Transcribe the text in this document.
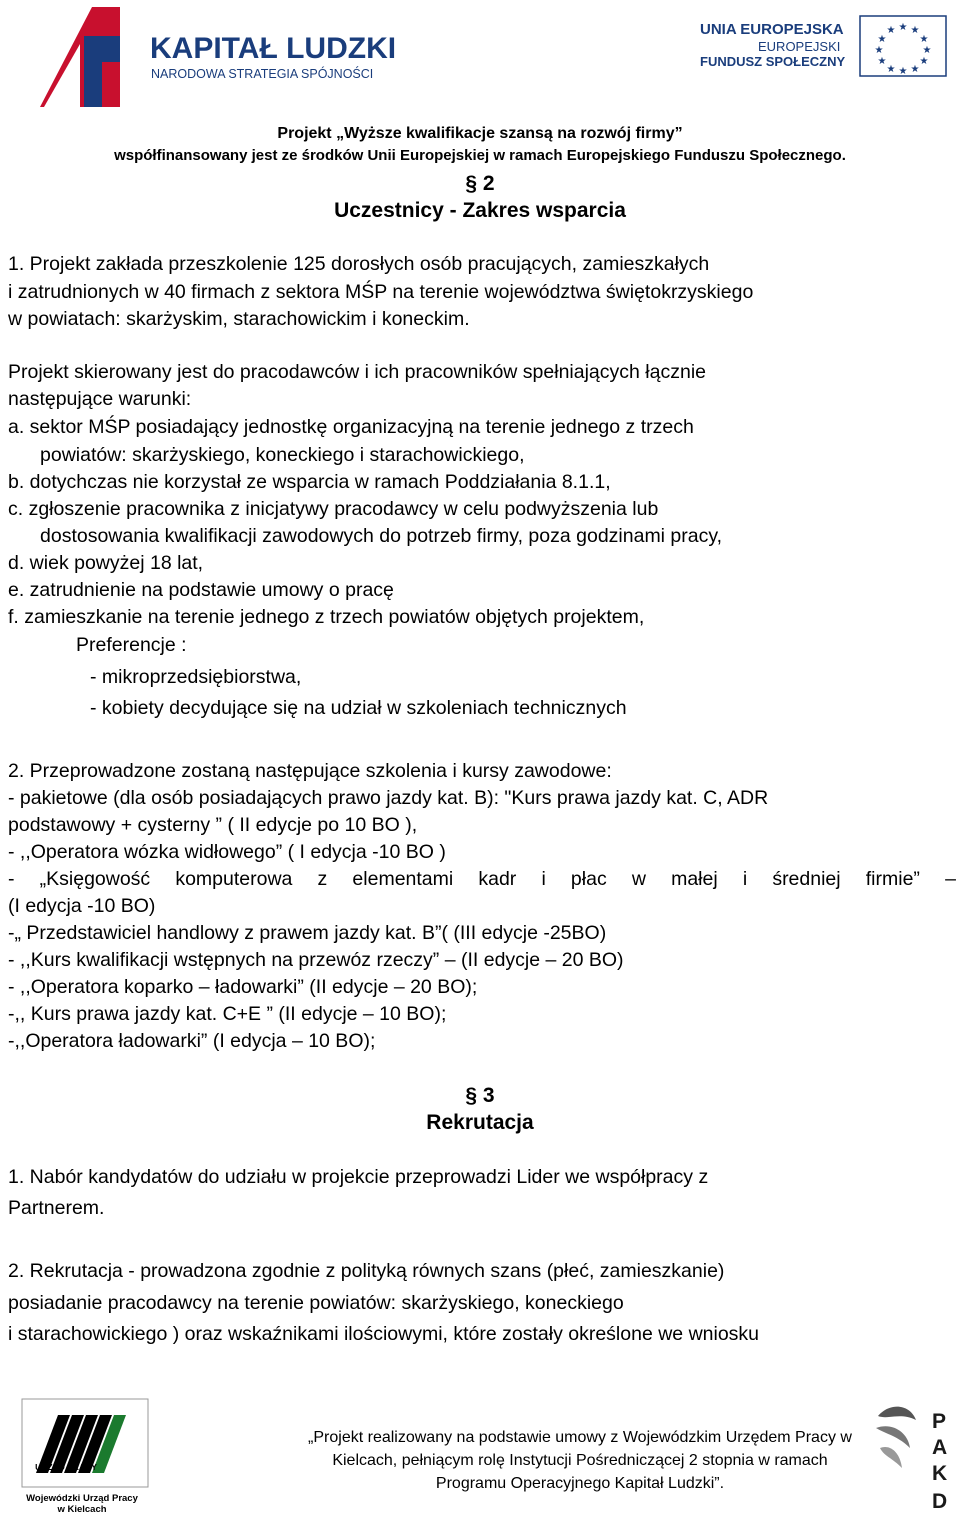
KAPITAŁ LUDZKI
NARODOWA STRATEGIA SPÓJNOŚCI
UNIA EUROPEJSKA
EUROPEJSKI
FUNDUSZ SPOŁECZNY
★ ★
★
★
★
★
★
★
★
★
★
★
Projekt „Wyższe kwalifikacje szansą na rozwój firmy”
współfinansowany jest ze środków Unii Europejskiej w ramach Europejskiego Funduszu Społecznego.
§ 2
Uczestnicy - Zakres wsparcia
1. Projekt zakłada przeszkolenie 125 dorosłych osób pracujących, zamieszkałych
i zatrudnionych w 40 firmach z sektora MŚP na terenie województwa świętokrzyskiego
w powiatach: skarżyskim, starachowickim i koneckim.
Projekt skierowany jest do pracodawców i ich pracowników spełniających łącznie
następujące warunki:
a. sektor MŚP posiadający jednostkę organizacyjną na terenie jednego z trzech
powiatów: skarżyskiego, koneckiego i starachowickiego,
b. dotychczas nie korzystał ze wsparcia w ramach Poddziałania 8.1.1,
c. zgłoszenie pracownika z inicjatywy pracodawcy w celu podwyższenia lub
dostosowania kwalifikacji zawodowych do potrzeb firmy, poza godzinami pracy,
d. wiek powyżej 18 lat,
e. zatrudnienie na podstawie umowy o pracę
f. zamieszkanie na terenie jednego z trzech powiatów objętych projektem,
Preferencje :
- mikroprzedsiębiorstwa,
- kobiety decydujące się na udział w szkoleniach technicznych
2. Przeprowadzone zostaną następujące szkolenia i kursy zawodowe:
- pakietowe (dla osób posiadających prawo jazdy kat. B): "Kurs prawa jazdy kat. C, ADR
podstawowy + cysterny ” ( II edycje po 10 BO ),
- ,,Operatora wózka widłowego” ( I edycja -10 BO )
- „Księgowość komputerowa z elementami kadr i płac w małej i średniej firmie” –
(I edycja -10 BO)
-„ Przedstawiciel handlowy z prawem jazdy kat. B”( (III edycje -25BO)
- ,,Kurs kwalifikacji wstępnych na przewóz rzeczy” – (II edycje – 20 BO)
- ,,Operatora koparko – ładowarki” (II edycje – 20 BO);
-,, Kurs prawa jazdy kat. C+E ” (II edycje – 10 BO);
-,,Operatora ładowarki” (I edycja – 10 BO);
§ 3
Rekrutacja
1. Nabór kandydatów do udziału w projekcie przeprowadzi Lider we współpracy z
Partnerem.
2. Rekrutacja - prowadzona zgodnie z polityką równych szans (płeć, zamieszkanie)
posiadanie pracodawcy na terenie powiatów: skarżyskiego, koneckiego
i starachowickiego ) oraz wskaźnikami ilościowymi, które zostały określone we wniosku
URZĄD PRACY
Wojewódzki Urząd Pracy
w Kielcach
„Projekt realizowany na podstawie umowy z Wojewódzkim Urzędem Pracy w
Kielcach, pełniącym rolę Instytucji Pośredniczącej 2 stopnia w ramach
Programu Operacyjnego Kapitał Ludzki”.
P
A
K
D
PAKD
